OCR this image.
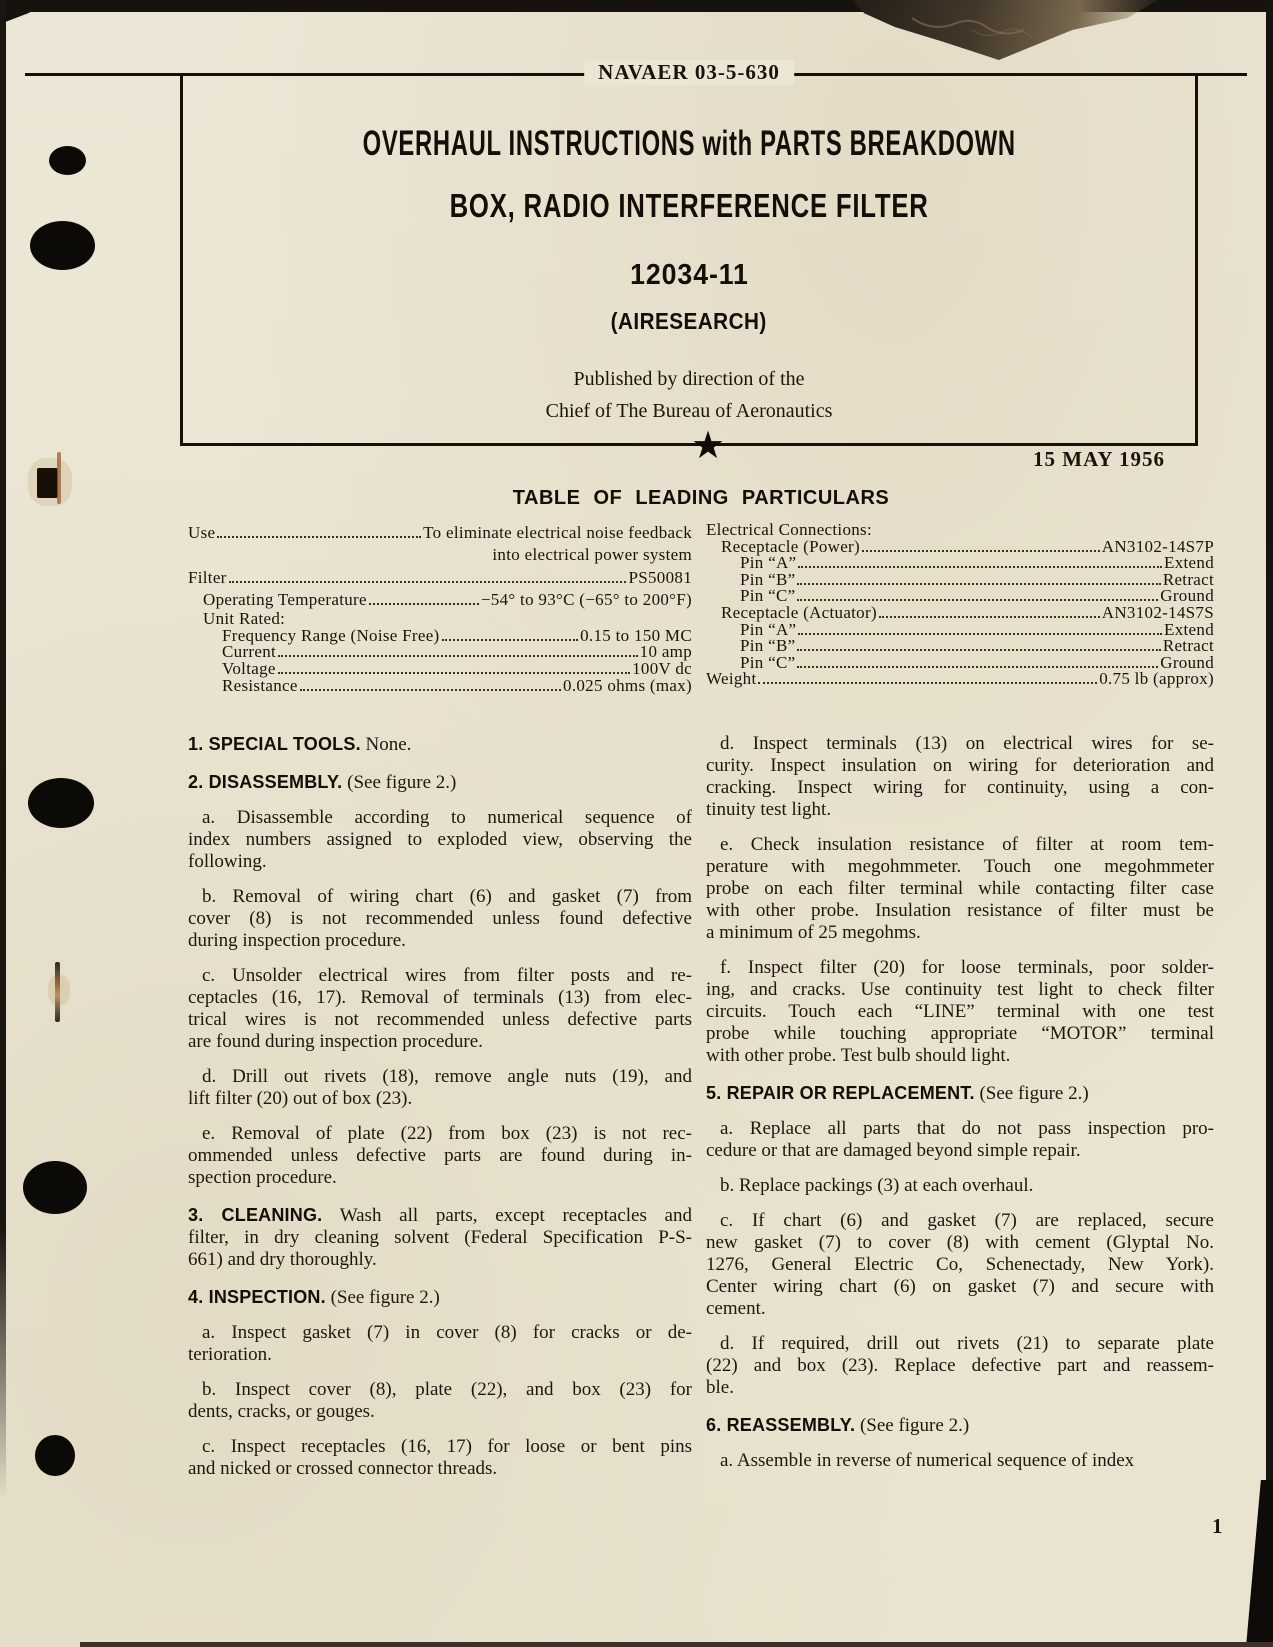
NAVAER 03-5-630
OVERHAUL INSTRUCTIONS with PARTS BREAKDOWN
BOX, RADIO INTERFERENCE FILTER
12034-11
(AIRESEARCH)
Published by direction of the
Chief of The Bureau of Aeronautics
15 MAY 1956
★
TABLE OF LEADING PARTICULARS
Use	To eliminate electrical noise feedback
into electrical power system
Filter	PS50081
Operating Temperature	−54° to 93°C (−65° to 200°F)
Unit Rated:
Frequency Range (Noise Free)	0.15 to 150 MC
Current	10 amp
Voltage	100V dc
Resistance	0.025 ohms (max)
Electrical Connections:
Receptacle (Power)	AN3102-14S7P
Pin “A”	Extend
Pin “B”	Retract
Pin “C”	Ground
Receptacle (Actuator)	AN3102-14S7S
Pin “A”	Extend
Pin “B”	Retract
Pin “C”	Ground
Weight	0.75 lb (approx)
1. SPECIAL TOOLS. None.
2. DISASSEMBLY. (See figure 2.)
a. Disassemble according to numerical sequence of
index numbers assigned to exploded view, observing the
following.
b. Removal of wiring chart (6) and gasket (7) from
cover (8) is not recommended unless found defective
during inspection procedure.
c. Unsolder electrical wires from filter posts and re-
ceptacles (16, 17). Removal of terminals (13) from elec-
trical wires is not recommended unless defective parts
are found during inspection procedure.
d. Drill out rivets (18), remove angle nuts (19), and
lift filter (20) out of box (23).
e. Removal of plate (22) from box (23) is not rec-
ommended unless defective parts are found during in-
spection procedure.
3. CLEANING. Wash all parts, except receptacles and
filter, in dry cleaning solvent (Federal Specification P-S-
661) and dry thoroughly.
4. INSPECTION. (See figure 2.)
a. Inspect gasket (7) in cover (8) for cracks or de-
terioration.
b. Inspect cover (8), plate (22), and box (23) for
dents, cracks, or gouges.
c. Inspect receptacles (16, 17) for loose or bent pins
and nicked or crossed connector threads.
d. Inspect terminals (13) on electrical wires for se-
curity. Inspect insulation on wiring for deterioration and
cracking. Inspect wiring for continuity, using a con-
tinuity test light.
e. Check insulation resistance of filter at room tem-
perature with megohmmeter. Touch one megohmmeter
probe on each filter terminal while contacting filter case
with other probe. Insulation resistance of filter must be
a minimum of 25 megohms.
f. Inspect filter (20) for loose terminals, poor solder-
ing, and cracks. Use continuity test light to check filter
circuits. Touch each “LINE” terminal with one test
probe while touching appropriate “MOTOR” terminal
with other probe. Test bulb should light.
5. REPAIR OR REPLACEMENT. (See figure 2.)
a. Replace all parts that do not pass inspection pro-
cedure or that are damaged beyond simple repair.
b. Replace packings (3) at each overhaul.
c. If chart (6) and gasket (7) are replaced, secure
new gasket (7) to cover (8) with cement (Glyptal No.
1276, General Electric Co, Schenectady, New York).
Center wiring chart (6) on gasket (7) and secure with
cement.
d. If required, drill out rivets (21) to separate plate
(22) and box (23). Replace defective part and reassem-
ble.
6. REASSEMBLY. (See figure 2.)
a. Assemble in reverse of numerical sequence of index
1
